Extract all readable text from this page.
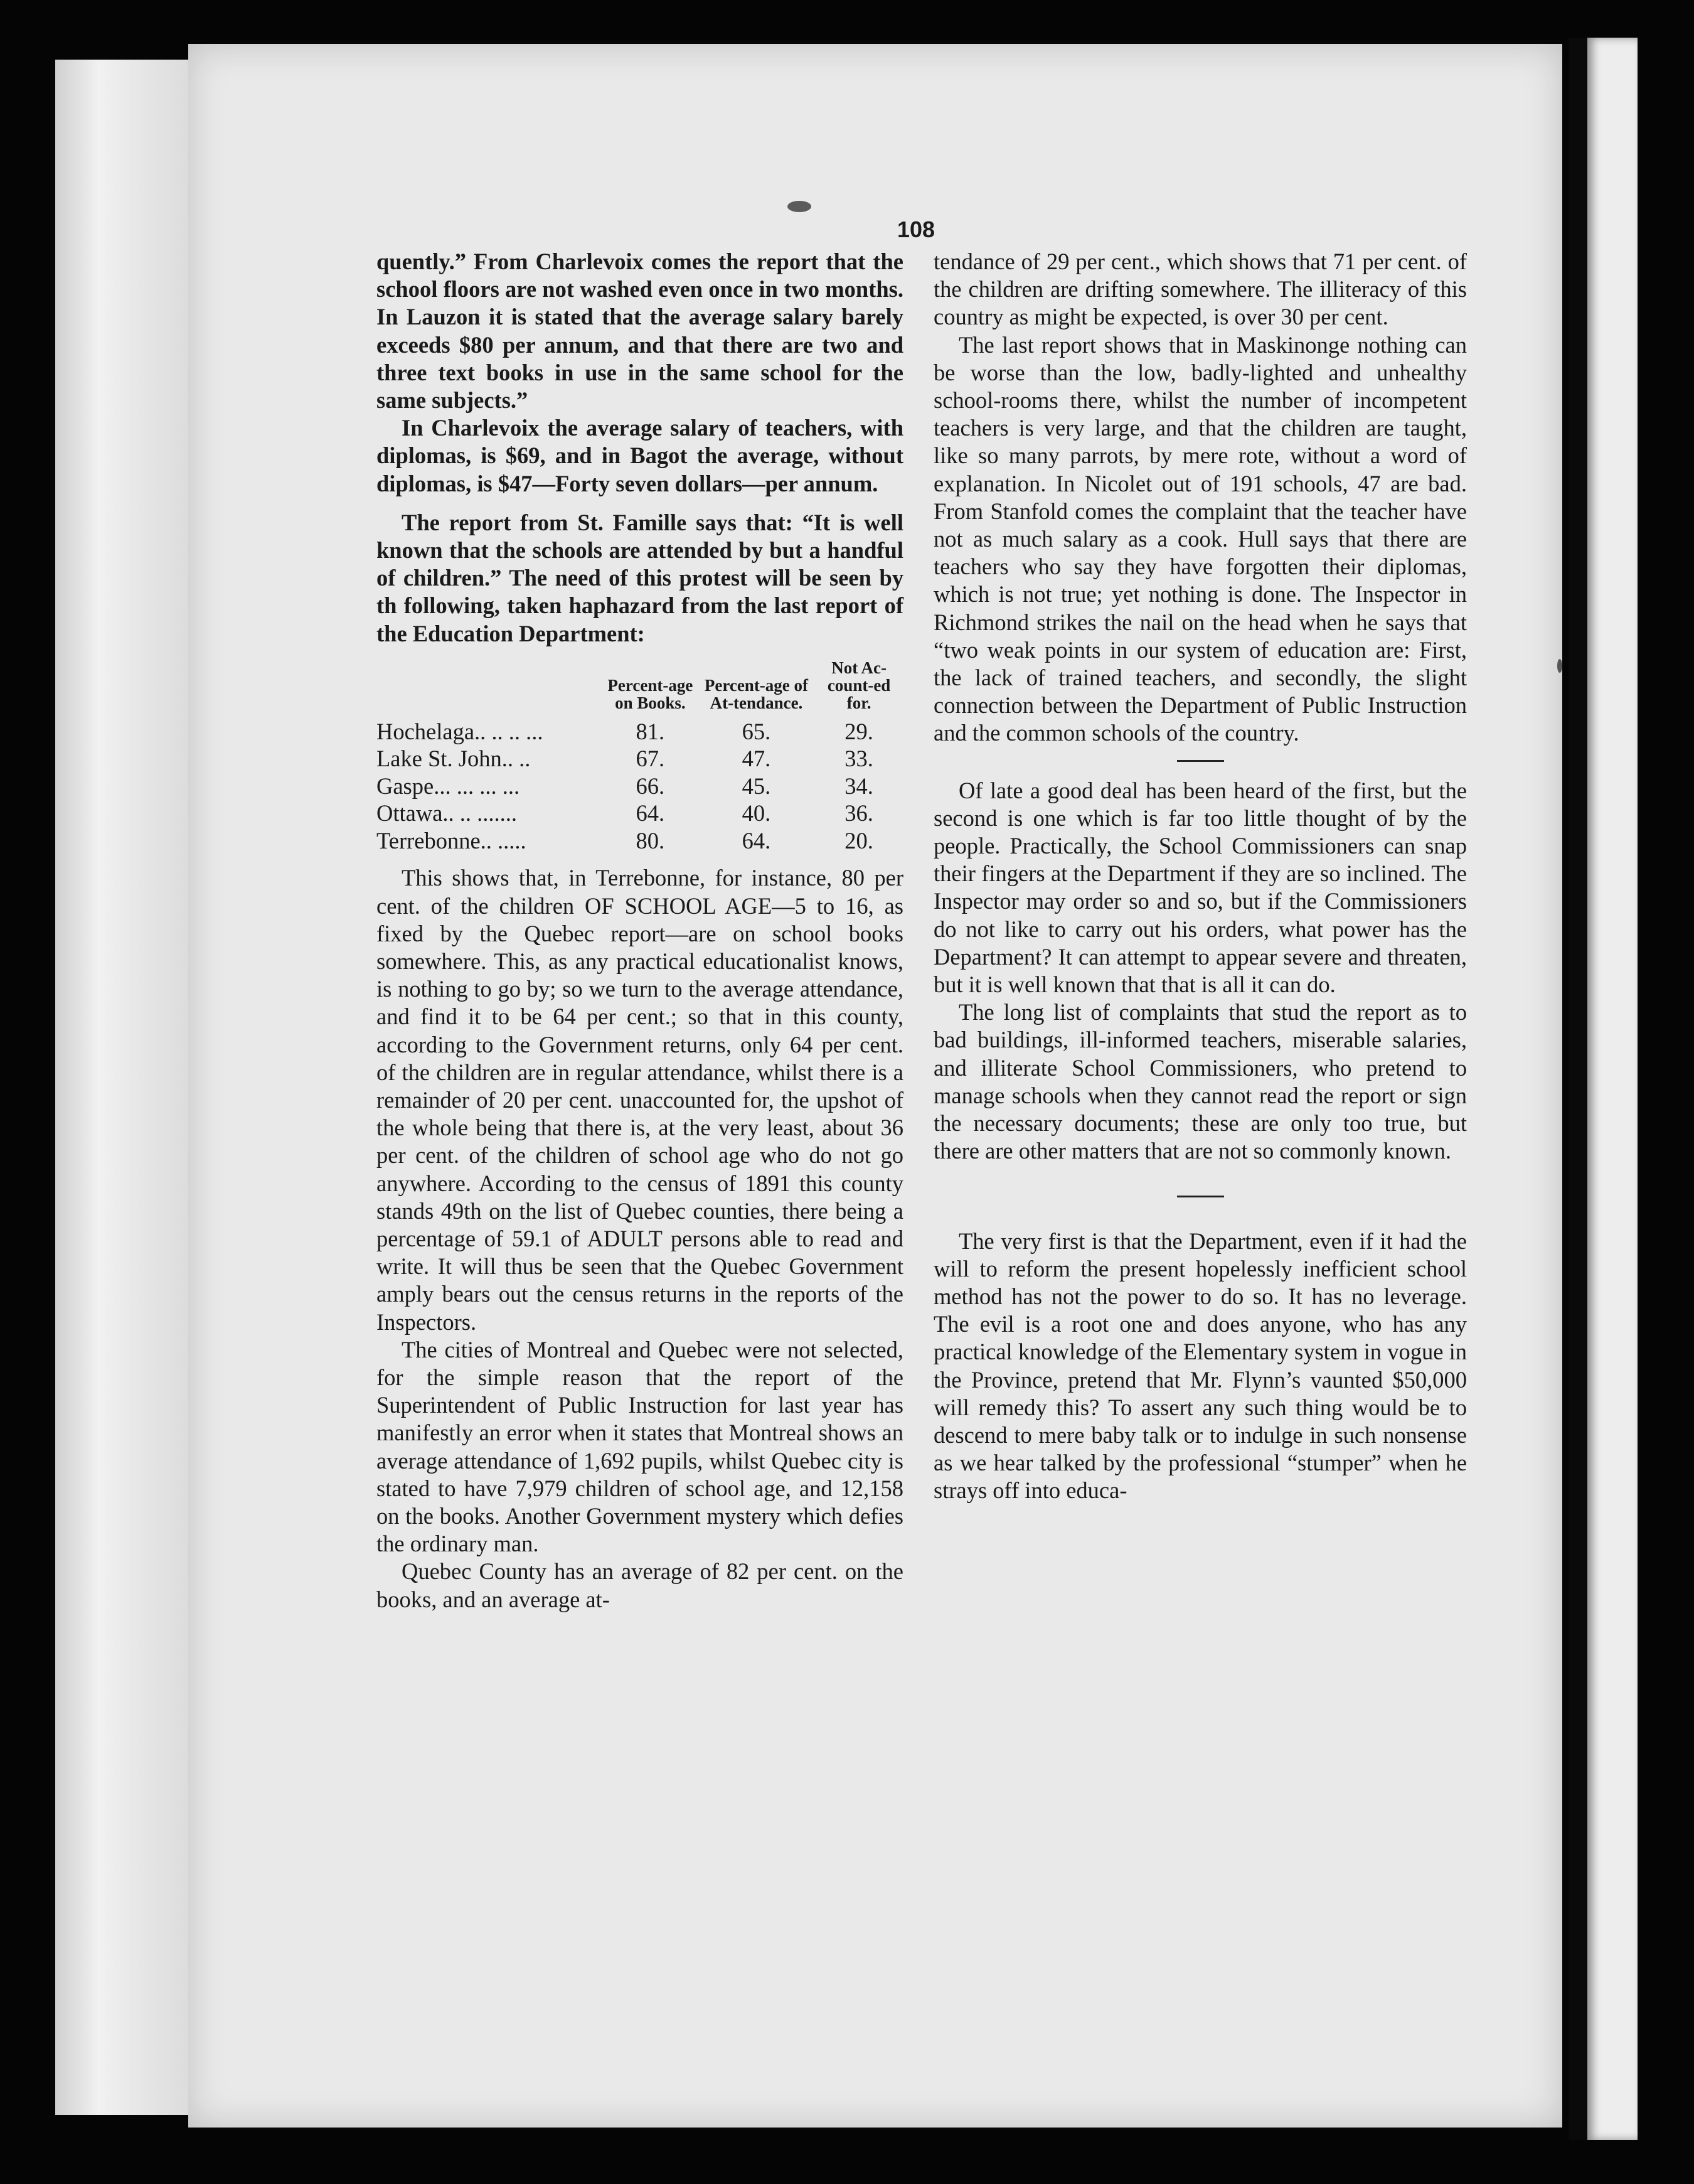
108

quently.” From Charlevoix comes the report that the school floors are not washed even once in two months. In Lauzon it is stated that the average salary barely exceeds $80 per annum, and that there are two and three text books in use in the same school for the same subjects.”

In Charlevoix the average salary of teachers, with diplomas, is $69, and in Bagot the average, without diplomas, is $47—Forty seven dollars—per annum.

The report from St. Famille says that: “It is well known that the schools are attended by but a handful of children.” The need of this protest will be seen by th following, taken haphazard from the last report of the Education Department:

	Percent-age on Books.	Percent-age of At-tendance.	Not Ac-count-ed for.
Hochelaga.. .. .. ...	81.	65.	29.
Lake St. John.. ..	67.	47.	33.
Gaspe... ... ... ...	66.	45.	34.
Ottawa.. .. .......	64.	40.	36.
Terrebonne.. .....	80.	64.	20.

This shows that, in Terrebonne, for instance, 80 per cent. of the children OF SCHOOL AGE—5 to 16, as fixed by the Quebec report—are on school books somewhere. This, as any practical educationalist knows, is nothing to go by; so we turn to the average attendance, and find it to be 64 per cent.; so that in this county, according to the Government returns, only 64 per cent. of the children are in regular attendance, whilst there is a remainder of 20 per cent. unaccounted for, the upshot of the whole being that there is, at the very least, about 36 per cent. of the children of school age who do not go anywhere. According to the census of 1891 this county stands 49th on the list of Quebec counties, there being a percentage of 59.1 of ADULT persons able to read and write. It will thus be seen that the Quebec Government amply bears out the census returns in the reports of the Inspectors.

The cities of Montreal and Quebec were not selected, for the simple reason that the report of the Superintendent of Public Instruction for last year has manifestly an error when it states that Montreal shows an average attendance of 1,692 pupils, whilst Quebec city is stated to have 7,979 children of school age, and 12,158 on the books. Another Government mystery which defies the ordinary man.

Quebec County has an average of 82 per cent. on the books, and an average at-

tendance of 29 per cent., which shows that 71 per cent. of the children are drifting somewhere. The illiteracy of this country as might be expected, is over 30 per cent.

The last report shows that in Maskinonge nothing can be worse than the low, badly-lighted and unhealthy school-rooms there, whilst the number of incompetent teachers is very large, and that the children are taught, like so many parrots, by mere rote, without a word of explanation. In Nicolet out of 191 schools, 47 are bad. From Stanfold comes the complaint that the teacher have not as much salary as a cook. Hull says that there are teachers who say they have forgotten their diplomas, which is not true; yet nothing is done. The Inspector in Richmond strikes the nail on the head when he says that “two weak points in our system of education are: First, the lack of trained teachers, and secondly, the slight connection between the Department of Public Instruction and the common schools of the country.

Of late a good deal has been heard of the first, but the second is one which is far too little thought of by the people. Practically, the School Commissioners can snap their fingers at the Department if they are so inclined. The Inspector may order so and so, but if the Commissioners do not like to carry out his orders, what power has the Department? It can attempt to appear severe and threaten, but it is well known that that is all it can do.

The long list of complaints that stud the report as to bad buildings, ill-informed teachers, miserable salaries, and illiterate School Commissioners, who pretend to manage schools when they cannot read the report or sign the necessary documents; these are only too true, but there are other matters that are not so commonly known.

The very first is that the Department, even if it had the will to reform the present hopelessly inefficient school method has not the power to do so. It has no leverage. The evil is a root one and does anyone, who has any practical knowledge of the Elementary system in vogue in the Province, pretend that Mr. Flynn’s vaunted $50,000 will remedy this? To assert any such thing would be to descend to mere baby talk or to indulge in such nonsense as we hear talked by the professional “stumper” when he strays off into educa-
